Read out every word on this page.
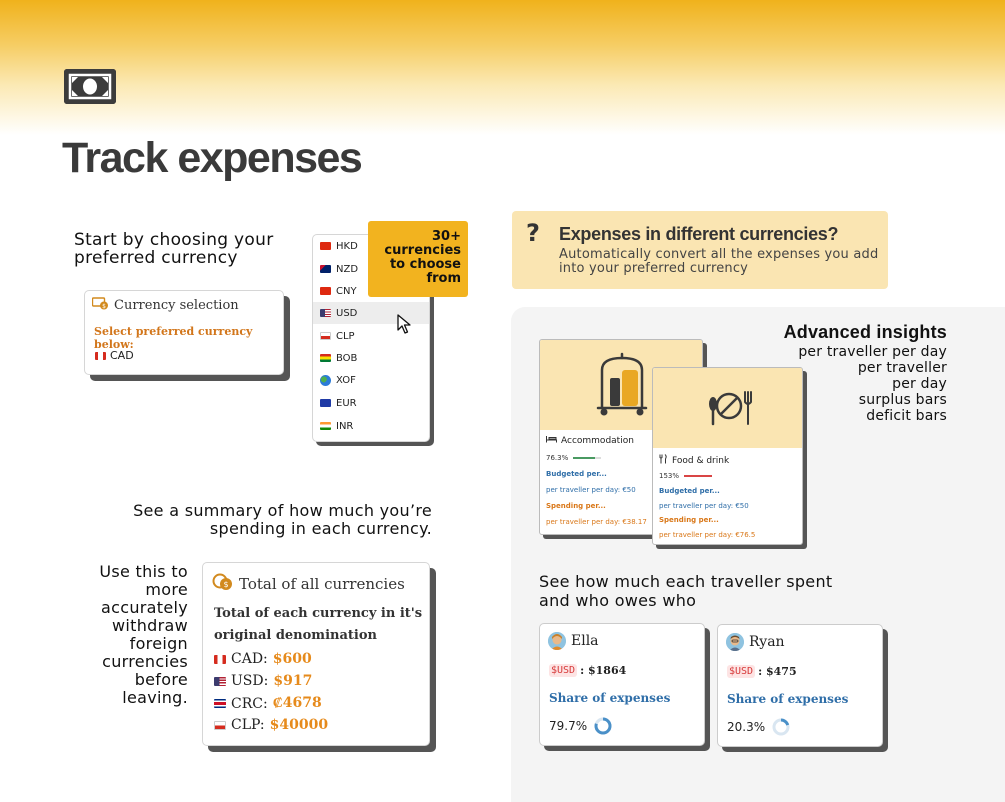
Track expenses
Start by choosing your preferred currency
$ Currency selection
Select preferred currency below:
CAD
HKD
NZD
CNY
USD
CLP
BOB
XOF
EUR
INR
30+
currencies
to choose
from
See a summary of how much you’re spending in each currency.
Use this to more accurately withdraw foreign currencies before leaving.
$ Total of all currencies
Total of each currency in it's original denomination
CAD: $600
USD: $917
CRC: ₡4678
CLP: $40000
? Expenses in different currencies?
Automatically convert all the expenses you add into your preferred currency
Advanced insights
per traveller per day
per traveller
per day
surplus bars
deficit bars
Accommodation
76.3%
Budgeted per...
per traveller per day: €50
Spending per...
per traveller per day: €38.17
Food & drink
153%
Budgeted per...
per traveller per day: €50
Spending per...
per traveller per day: €76.5
See how much each traveller spent and who owes who
Ella
$USD : $1864
Share of expenses
79.7%
Ryan
$USD : $475
Share of expenses
20.3%
